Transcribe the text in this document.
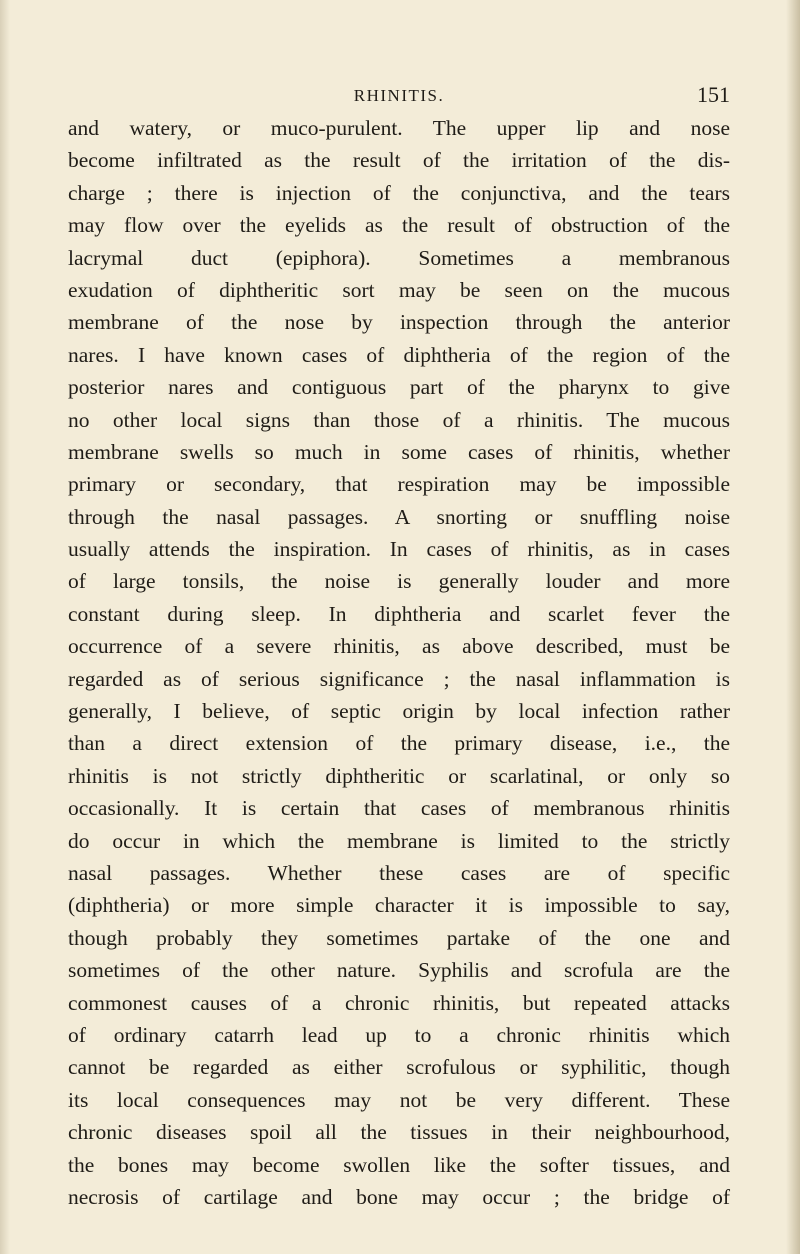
RHINITIS.	151
and watery, or muco-purulent. The upper lip and nose
become infiltrated as the result of the irritation of the dis-
charge ; there is injection of the conjunctiva, and the tears
may flow over the eyelids as the result of obstruction of the
lacrymal duct (epiphora). Sometimes a membranous
exudation of diphtheritic sort may be seen on the mucous
membrane of the nose by inspection through the anterior
nares. I have known cases of diphtheria of the region of the
posterior nares and contiguous part of the pharynx to give
no other local signs than those of a rhinitis. The mucous
membrane swells so much in some cases of rhinitis, whether
primary or secondary, that respiration may be impossible
through the nasal passages. A snorting or snuffling noise
usually attends the inspiration. In cases of rhinitis, as in cases
of large tonsils, the noise is generally louder and more
constant during sleep. In diphtheria and scarlet fever the
occurrence of a severe rhinitis, as above described, must be
regarded as of serious significance ; the nasal inflammation is
generally, I believe, of septic origin by local infection rather
than a direct extension of the primary disease, i.e., the
rhinitis is not strictly diphtheritic or scarlatinal, or only so
occasionally. It is certain that cases of membranous rhinitis
do occur in which the membrane is limited to the strictly
nasal passages. Whether these cases are of specific
(diphtheria) or more simple character it is impossible to say,
though probably they sometimes partake of the one and
sometimes of the other nature. Syphilis and scrofula are the
commonest causes of a chronic rhinitis, but repeated attacks
of ordinary catarrh lead up to a chronic rhinitis which
cannot be regarded as either scrofulous or syphilitic, though
its local consequences may not be very different. These
chronic diseases spoil all the tissues in their neighbourhood,
the bones may become swollen like the softer tissues, and
necrosis of cartilage and bone may occur ; the bridge of
